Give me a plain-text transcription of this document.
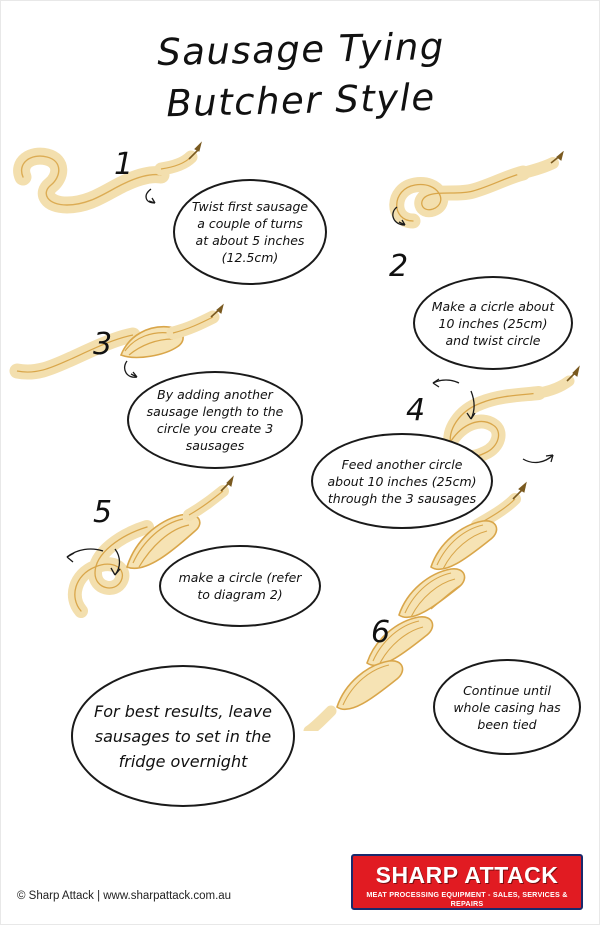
Sausage Tying
Butcher Style
1
Twist first sausage a couple of turns at about 5 inches (12.5cm)	2
Make a cicrle about 10 inches (25cm) and twist circle
3
By adding another sausage length to the circle you create 3 sausages
4
Feed another circle about 10 inches (25cm) through the 3 sausages
5
make a circle (refer to diagram 2)
6
Continue until whole casing has been tied
For best results, leave sausages to set in the fridge overnight
© Sharp Attack | www.sharpattack.com.au
SHARP ATTACK
MEAT PROCESSING EQUIPMENT - SALES, SERVICES & REPAIRS
